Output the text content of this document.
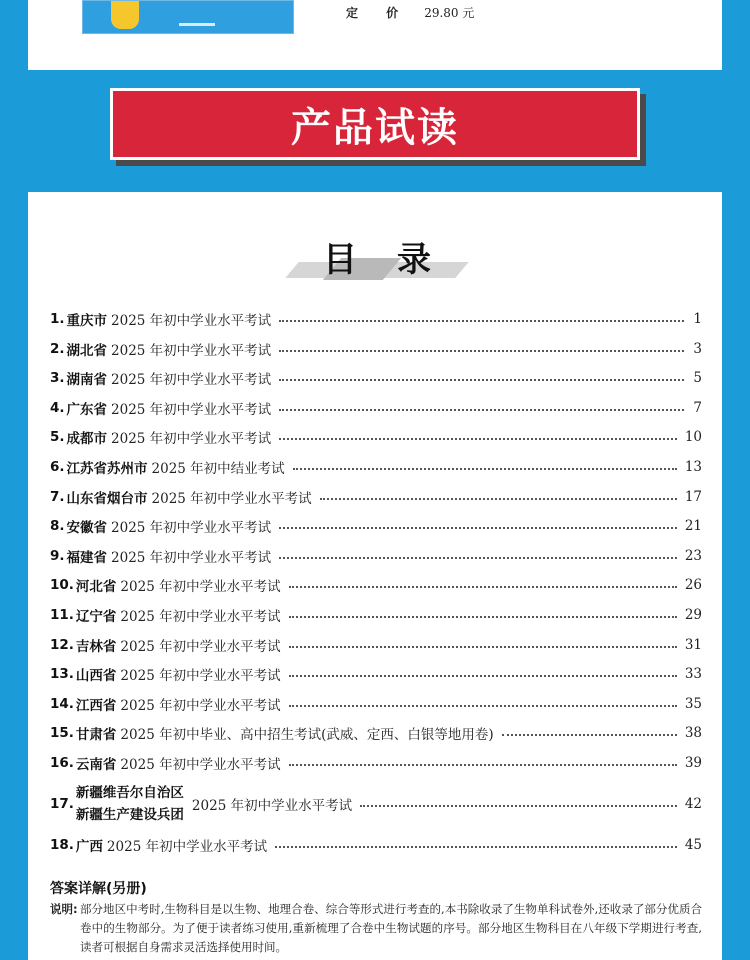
定 价 29.80 元
产品试读
目录
1. 重庆市 2025 年初中学业水平考试	1
2. 湖北省 2025 年初中学业水平考试	3
3. 湖南省 2025 年初中学业水平考试	5
4. 广东省 2025 年初中学业水平考试	7
5. 成都市 2025 年初中学业水平考试	10
6. 江苏省苏州市 2025 年初中结业考试	13
7. 山东省烟台市 2025 年初中学业水平考试	17
8. 安徽省 2025 年初中学业水平考试	21
9. 福建省 2025 年初中学业水平考试	23
10. 河北省 2025 年初中学业水平考试	26
11. 辽宁省 2025 年初中学业水平考试	29
12. 吉林省 2025 年初中学业水平考试	31
13. 山西省 2025 年初中学业水平考试	33
14. 江西省 2025 年初中学业水平考试	35
15. 甘肃省 2025 年初中毕业、高中招生考试(武威、定西、白银等地用卷)	38
16. 云南省 2025 年初中学业水平考试	39
17.
新疆维吾尔自治区
新疆生产建设兵团
2025 年初中学业水平考试	42
18. 广西 2025 年初中学业水平考试	45
答案详解(另册)
说明: 部分地区中考时,生物科目是以生物、地理合卷、综合等形式进行考查的,本书除收录了生物单科试卷外,还收录了部分优质合卷中的生物部分。为了便于读者练习使用,重新梳理了合卷中生物试题的序号。部分地区生物科目在八年级下学期进行考查,读者可根据自身需求灵活选择使用时间。
